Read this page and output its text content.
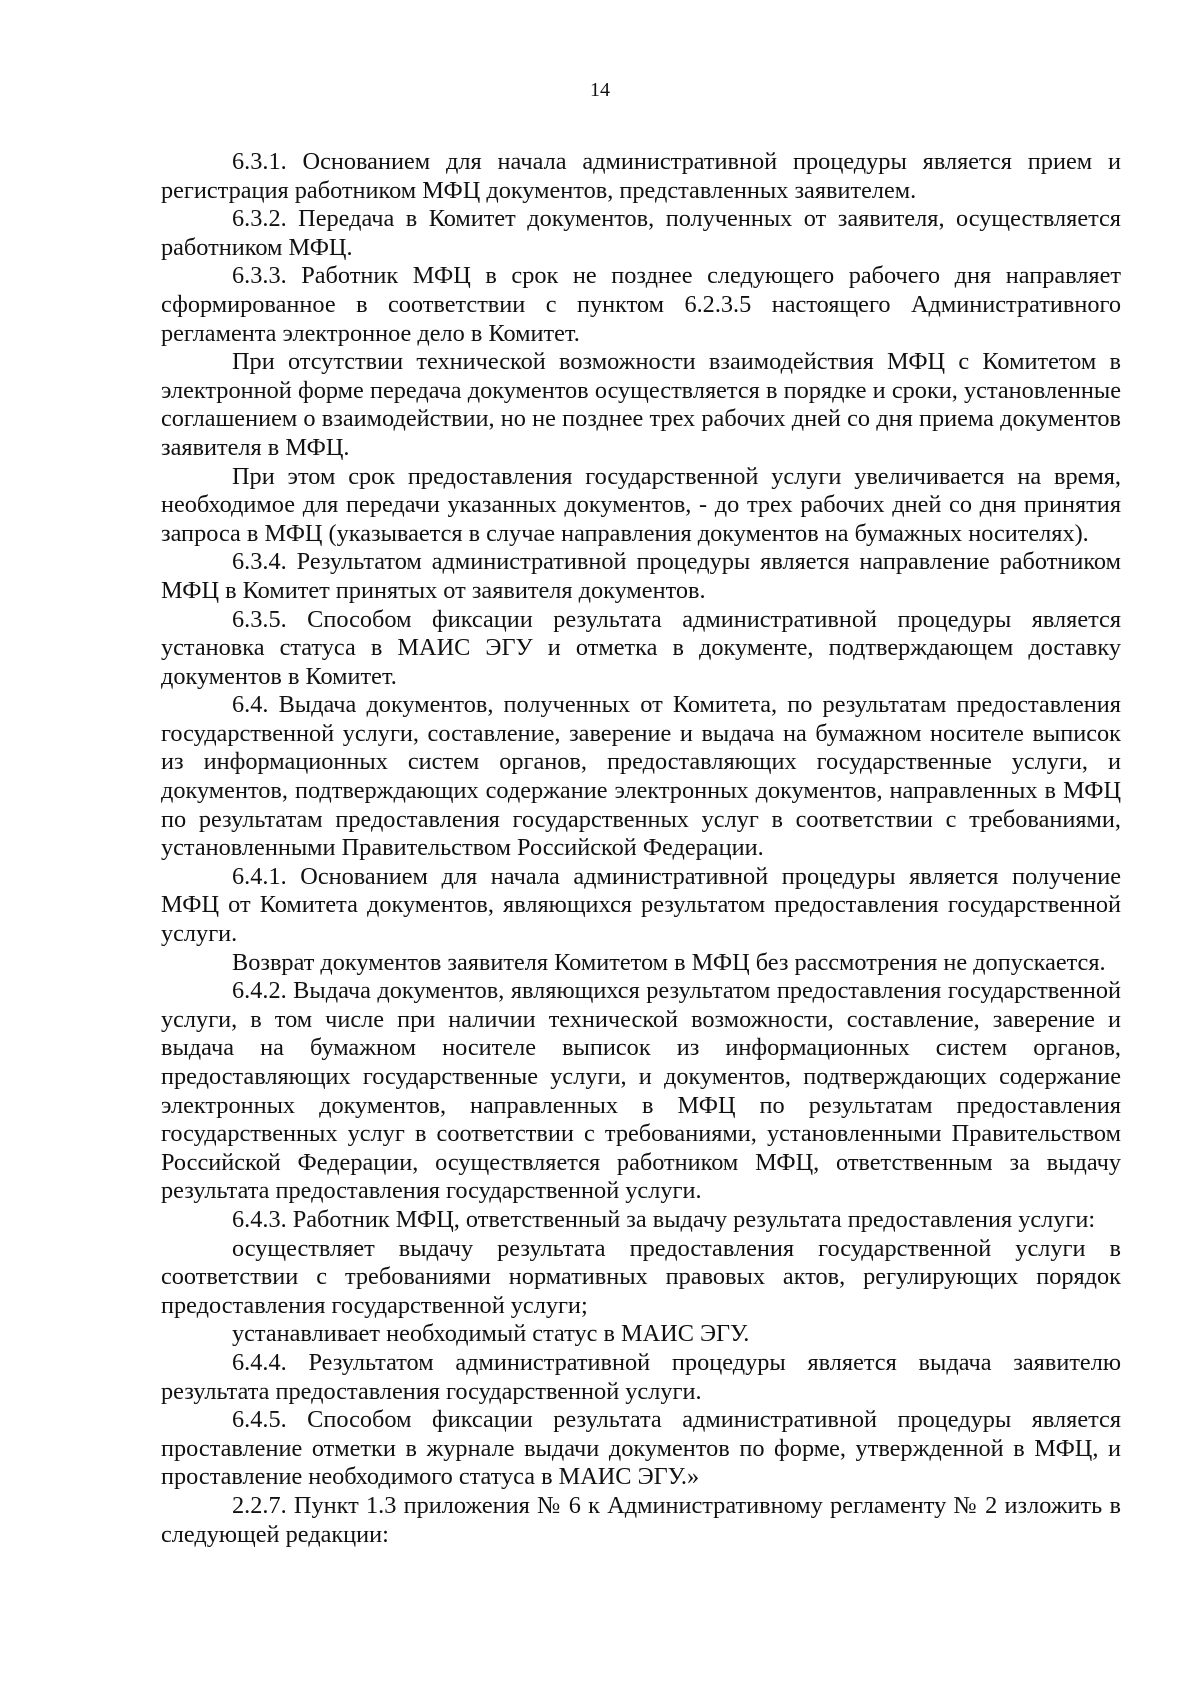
14

6.3.1. Основанием для начала административной процедуры является прием и регистрация работником МФЦ документов, представленных заявителем.

6.3.2. Передача в Комитет документов, полученных от заявителя, осуществляется работником МФЦ.

6.3.3. Работник МФЦ в срок не позднее следующего рабочего дня направляет сформированное в соответствии с пунктом 6.2.3.5 настоящего Административного регламента электронное дело в Комитет.

При отсутствии технической возможности взаимодействия МФЦ с Комитетом в электронной форме передача документов осуществляется в порядке и сроки, установленные соглашением о взаимодействии, но не позднее трех рабочих дней со дня приема документов заявителя в МФЦ.

При этом срок предоставления государственной услуги увеличивается на время, необходимое для передачи указанных документов, - до трех рабочих дней со дня принятия запроса в МФЦ (указывается в случае направления документов на бумажных носителях).

6.3.4. Результатом административной процедуры является направление работником МФЦ в Комитет принятых от заявителя документов.

6.3.5. Способом фиксации результата административной процедуры является установка статуса в МАИС ЭГУ и отметка в документе, подтверждающем доставку документов в Комитет.

6.4. Выдача документов, полученных от Комитета, по результатам предоставления государственной услуги, составление, заверение и выдача на бумажном носителе выписок из информационных систем органов, предоставляющих государственные услуги, и документов, подтверждающих содержание электронных документов, направленных в МФЦ по результатам предоставления государственных услуг в соответствии с требованиями, установленными Правительством Российской Федерации.

6.4.1. Основанием для начала административной процедуры является получение МФЦ от Комитета документов, являющихся результатом предоставления государственной услуги.

Возврат документов заявителя Комитетом в МФЦ без рассмотрения не допускается.

6.4.2. Выдача документов, являющихся результатом предоставления государственной услуги, в том числе при наличии технической возможности, составление, заверение и выдача на бумажном носителе выписок из информационных систем органов, предоставляющих государственные услуги, и документов, подтверждающих содержание электронных документов, направленных в МФЦ по результатам предоставления государственных услуг в соответствии с требованиями, установленными Правительством Российской Федерации, осуществляется работником МФЦ, ответственным за выдачу результата предоставления государственной услуги.

6.4.3. Работник МФЦ, ответственный за выдачу результата предоставления услуги:

осуществляет выдачу результата предоставления государственной услуги в соответствии с требованиями нормативных правовых актов, регулирующих порядок предоставления государственной услуги;

устанавливает необходимый статус в МАИС ЭГУ.

6.4.4. Результатом административной процедуры является выдача заявителю результата предоставления государственной услуги.

6.4.5. Способом фиксации результата административной процедуры является проставление отметки в журнале выдачи документов по форме, утвержденной в МФЦ, и проставление необходимого статуса в МАИС ЭГУ.»

2.2.7. Пункт 1.3 приложения № 6 к Административному регламенту № 2 изложить в следующей редакции:
